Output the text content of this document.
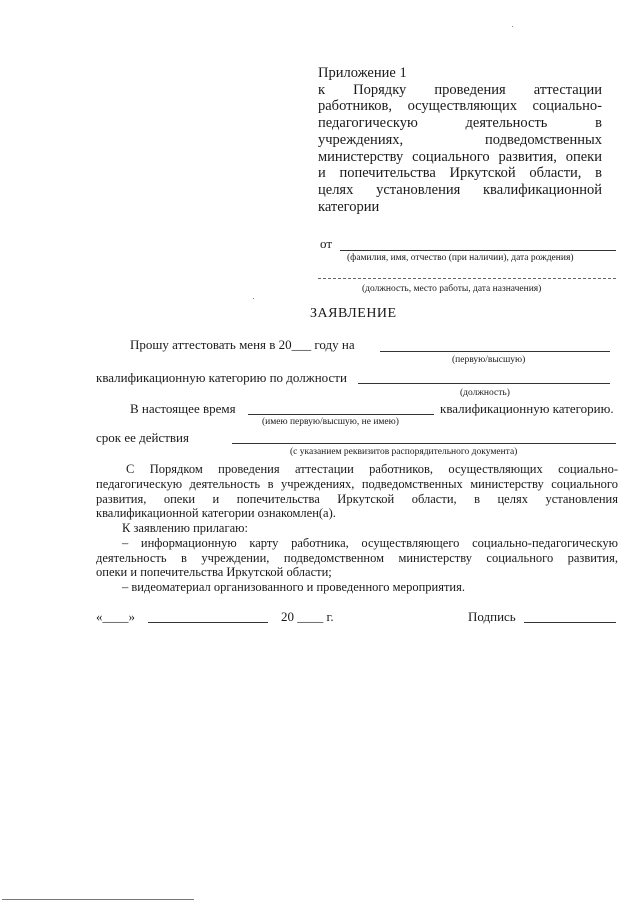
Приложение 1
к Порядку проведения аттестации
работников, осуществляющих социально-
педагогическую деятельность в
учреждениях, подведомственных
министерству социального развития, опеки
и попечительства Иркутской области, в
целях установления квалификационной
категории
от
(фамилия, имя, отчество (при наличии), дата рождения)
(должность, место работы, дата назначения)
ЗАЯВЛЕНИЕ
Прошу аттестовать меня в 20___ году на
(первую/высшую)
квалификационную категорию по должности
(должность)
В настоящее время	квалификационную категорию.
(имею первую/высшую, не имею)
срок ее действия
(с указанием реквизитов распорядительного документа)
С Порядком проведения аттестации работников, осуществляющих социально-
педагогическую деятельность в учреждениях, подведомственных министерству социального
развития, опеки и попечительства Иркутской области, в целях установления
квалификационной категории ознакомлен(а).
К заявлению прилагаю:
– информационную карту работника, осуществляющего социально-педагогическую
деятельность в учреждении, подведомственном министерству социального развития,
опеки и попечительства Иркутской области;
– видеоматериал организованного и проведенного мероприятия.
«____»	20 ____ г.	Подпись
